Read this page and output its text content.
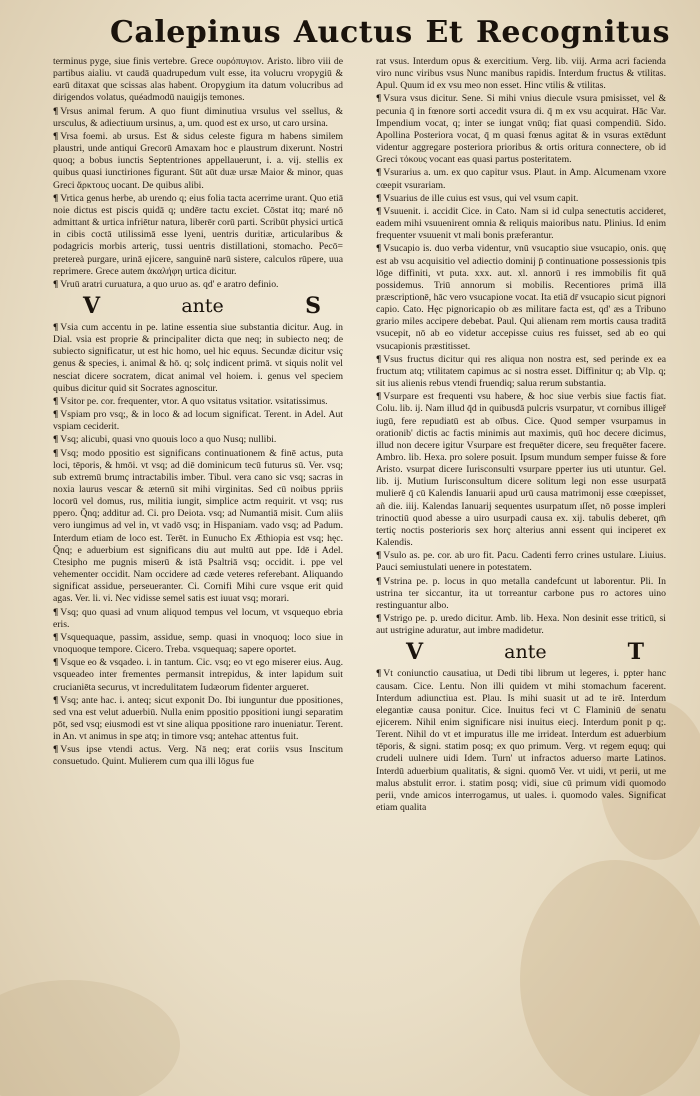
Calepinus Auctus Et Recognitus

terminus pyge, siue finis vertebre. Grece ουρόπυγιον. Aristo. libro viii de partibus aialiu. vt caudā quadrupedum vult esse, ita volucru vropygiū & earū ditaxat que scissas alas habent. Oropygium ita datum volucribus ad dirigendos volatus, quéadmodū nauigijs temones.

¶ Vrsus animal ferum. A quo fiunt diminutiua vrsulus vel ssellus, & ursculus, & adiectiuum ursinus, a, um. quod est ex urso, ut caro ursina.

¶ Vrsa foemi. ab ursus. Est & sidus celeste figura m habens similem plaustri, unde antiqui Grecorū Amaxam hoc e plaustrum dixerunt. Nostri quoq; a bobus iunctis Septentriones appellauerunt, i. a. vij. stellis ex quibus quasi iunctiriones figurant. Sūt aūt duæ ursæ Maior & minor, quas Greci ἄρκτους uocant. De quibus alibi.

¶ Vrtica genus herbe, ab urendo q; eius folia tacta acerrime urant. Quo etiā noie dictus est piscis quidā q; undēre tactu exciet. Cōstat itq; maré nō admittant & urtica infriētur natura, liberēr corū parti. Scribūt physici urticā in cibis coctā utilissimā esse lyeni, uentris duritiæ, articularibus & podagricis morbis arteriç, tussi uentris distillationi, stomacho. Pecō= pretereà purgare, urinā ejicere, sanguinē narū sistere, calculos rūpere, uua reprimere. Grece autem ἀκαλήφη urtica dicitur.

¶ Vruū aratri curuatura, a quo uruo as. qd' e aratro definio.

V	ante	S

¶ Vsia cum accentu in pe. latine essentia siue substantia dicitur. Aug. in Dial. vsia est proprie & principaliter dicta que neq; in subiecto neq; de subiecto significatur, ut est hic homo, uel hic equus. Secundæ dicitur vsiç genus & species, i. animal & hō. q; solç indicent primā. vt siquis nolit vel nesciat dicere socratem, dicat animal vel hoiem. i. genus vel speciem quibus dicitur quid sit Socrates agnoscitur.

¶ Vsitor pe. cor. frequenter, vtor. A quo vsitatus vsitatior. vsitatissimus.

¶ Vspiam pro vsq;, & in loco & ad locum significat. Terent. in Adel. Aut vspiam ceciderit.

¶ Vsq; alicubi, quasi vno quouis loco a quo Nusq; nullibi.

¶ Vsq; modo ppositio est significans continuationem & finē actus, puta loci, tēporis, & hmōi. vt vsq; ad diē dominicum tecū futurus sū. Ver. vsq; sub extremū brumç intractabilis imber. Tibul. vera cano sic vsq; sacras in noxia laurus vescar & æternū sit mihi virginitas. Sed cū noibus ppriis locorū vel domus, rus, militia iungit, simplice actm requirit. vt vsq; rus ppero. Q̄nq; additur ad. Ci. pro Deiota. vsq; ad Numantiā misit. Cum aliis vero iungimus ad vel in, vt vadō vsq; in Hispaniam. vado vsq; ad Padum. Interdum etiam de loco est. Terēt. in Eunucho Ex Æthiopia est vsq; hęc. Q̄nq; e aduerbium est significans diu aut multū aut ppe. Idē i Adel. Ctesipho me pugnis miserū & istā Psaltriā vsq; occidit. i. ppe vel vehementer occidit. Nam occidere ad cæde veteres referebant. Aliquando significat assidue, perseueranter. Ci. Cornifi Mihi cure vsque erit quid agas. Ver. li. vi. Nec vidisse semel satis est iuuat vsq; morari.

¶ Vsq; quo quasi ad vnum aliquod tempus vel locum, vt vsquequo ebria eris.

¶ Vsquequaque, passim, assidue, semp. quasi in vnoquoq; loco siue in vnoquoque tempore. Cicero. Treba. vsquequaq; sapere oportet.

¶ Vsque eo & vsqadeo. i. in tantum. Cic. vsq; eo vt ego miserer eius. Aug. vsqueadeo inter frementes permansit intrepidus, & inter lapidum suit crucianiēta securus, vt incredulitatem Iudæorum fidenter argueret.

¶ Vsq; ante hac. i. anteq; sicut exponit Do. Ibi iunguntur due ppositiones, sed vna est velut aduerbiū. Nulla enim ppositio ppositioni iungi separatim pōt, sed vsq; eiusmodi est vt sine aliqua ppositione raro inueniatur. Terent. in An. vt animus in spe atq; in timore vsq; antehac attentus fuit.

¶ Vsus ipse vtendi actus. Verg. Nā neq; erat coriis vsus Inscitum consuetudo. Quint. Mulierem cum qua illi lōgus fue

rat vsus. Interdum opus & exercitium. Verg. lib. viij. Arma acri facienda viro nunc viribus vsus Nunc manibus rapidis. Interdum fructus & vtilitas. Apul. Quum id ex vsu meo non esset. Hinc vtilis & vtilitas.

¶ Vsura vsus dicitur. Sene. Si mihi vnius diecule vsura pmisisset, vel & pecunia q̄ in fœnore sorti accedit vsura di. q̄ m ex vsu acquirat. Hāc Var. Impendium vocat, q; inter se iungat vnūq; fiat quasi compendiū. Sido. Apollina Posteriora vocat, q̄ m quasi fœnus agitat & in vsuras extēdunt videntur aggregare posteriora prioribus & ortis oritura connectere, ob id Greci τόκους vocant eas quasi partus posteritatem.

¶ Vsurarius a. um. ex quo capitur vsus. Plaut. in Amp. Alcumenam vxore cœepit vsurariam.

¶ Vsuarius de ille cuius est vsus, qui vel vsum capit.

¶ Vsuuenit. i. accidit Cice. in Cato. Nam si id culpa senectutis accideret, eadem mihi vsuuenirent omnia & reliquis maioribus natu. Plinius. Id enim frequenter vsuuenit vt mali bonis præferantur.

¶ Vsucapio is. duo verba videntur, vnū vsucaptio siue vsucapio, onis. quę est ab vsu acquisitio vel adiectio dominij p̄ continuatione possessionis tpis lōge diffiniti, vt puta. xxx. aut. xl. annorū i res immobilis fit quā possidemus. Triū annorum si mobilis. Recentiores primā illā præscriptionē, hāc vero vsucapione vocat. Ita etiā dr̄ vsucapio sicut pignori capio. Cato. Hęc pignoricapio ob æs militare facta est, qd' æs a Tribuno grario miles accipere debebat. Paul. Qui alienam rem mortis causa traditā vsucepit, nō ab eo videtur accepisse cuius res fuisset, sed ab eo qui vsucapionis præstitisset.

¶ Vsus fructus dicitur qui res aliqua non nostra est, sed perinde ex ea fructum atq; vtilitatem capimus ac si nostra esset. Diffinitur q; ab Vlp. q; sit ius alienis rebus vtendi fruendiq; salua rerum substantia.

¶ Vsurpare est frequenti vsu habere, & hoc siue verbis siue factis fiat. Colu. lib. ij. Nam illud q̄d in quibusdā pulcris vsurpatur, vt cornibus illigeř iugū, fere repudiatū est ab oībus. Cice. Quod semper vsurpamus in orationib' dictis ac factis minimis aut maximis, quū hoc decere dicimus, illud non decere igitur Vsurpare est frequēter dicere, seu frequēter facere. Ambro. lib. Hexa. pro solere posuit. Ipsum mundum semper fuisse & fore Aristo. vsurpat dicere Iurisconsulti vsurpare pperter ius uti utuntur. Gel. lib. ij. Mutium Iurisconsultum dicere solitum legi non esse usurpatā mulierē q̄ cū Kalendis Ianuarii apud urū causa matrimonij esse cœepisset, añ die. iiij. Kalendas Ianuarij sequentes usurpatum ıſſet, nō posse impleri trinoctiū quod abesse a uiro usurpadi causa ex. xij. tabulis deberet, qm̄ tertiç noctis posterioris sex horç alterius anni essent qui inciperet ex Kalendis.

¶ Vsulo as. pe. cor. ab uro fit. Pacu. Cadenti ferro crines ustulare. Liuius. Pauci semiustulati uenere in potestatem.

¶ Vstrina pe. p. locus in quo metalla candefcunt ut laborentur. Pli. In ustrina ter siccantur, ita ut torreantur carbone pus ro actores uino restinguantur albo.

¶ Vstrigo pe. p. uredo dicitur. Amb. lib. Hexa. Non desinit esse triticū, si aut ustrigine aduratur, aut imbre madidetur.

V	ante	T

¶ Vt coniunctio causatiua, ut Dedi tibi librum ut legeres, i. ppter hanc causam. Cice. Lentu. Non illi quidem vt mihi stomachum facerent. Interdum adiunctiua est. Plau. Is mihi suasit ut ad te irē. Interdum elegantiæ causa ponitur. Cice. Inuitus feci vt C Flaminiū de senatu ejicerem. Nihil enim significare nisi inuitus eiecj. Interdum ponit p q;. Terent. Nihil do vt et impuratus ille me irrideat. Interdum est aduerbium tēporis, & signi. statim posq; ex quo primum. Verg. vt regem equq; qui crudeli uulnere uidi Idem. Turn' ut infractos aduerso marte Latinos. Interdū aduerbium qualitatis, & signi. quomō Ver. vt uidi, vt perii, ut me malus abstulit error. i. statim posq; vidi, siue cū primum vidi quomodo perii, vnde amicos interrogamus, ut uales. i. quomodo vales. Significat etiam qualita
